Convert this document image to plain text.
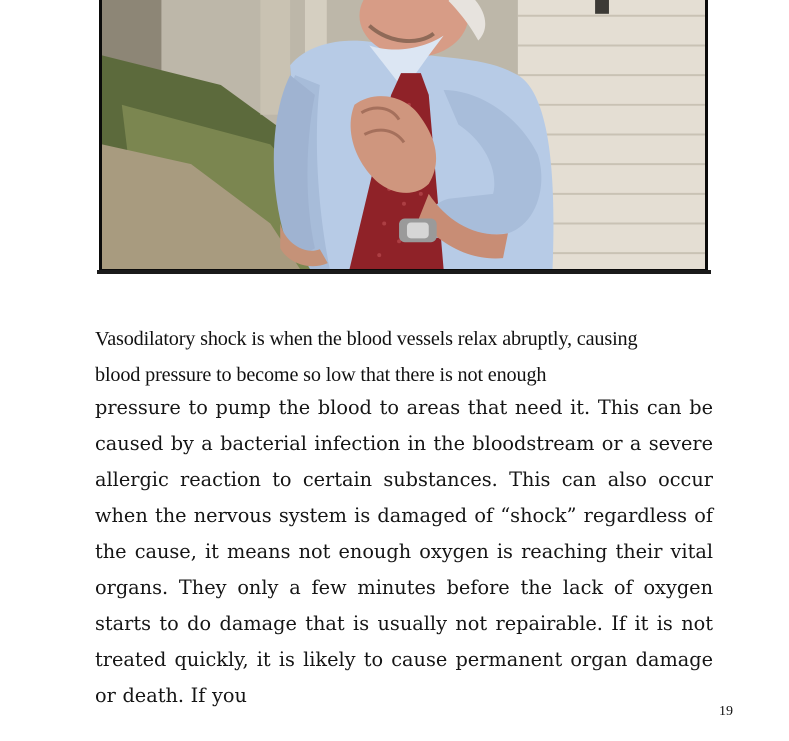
Vasodilatory shock is when the blood vessels relax abruptly, causing
blood pressure to become so low that there is not enough

pressure to pump the blood to areas that need it. This can be
caused by a bacterial infection in the bloodstream or a severe
allergic reaction to certain substances. This can also occur
when the nervous system is damaged of “shock” regardless of
the cause, it means not enough oxygen is reaching their vital
organs. They only a few minutes before the lack of oxygen
starts to do damage that is usually not repairable. If it is not
treated quickly, it is likely to cause permanent organ damage
or death. If you

19
